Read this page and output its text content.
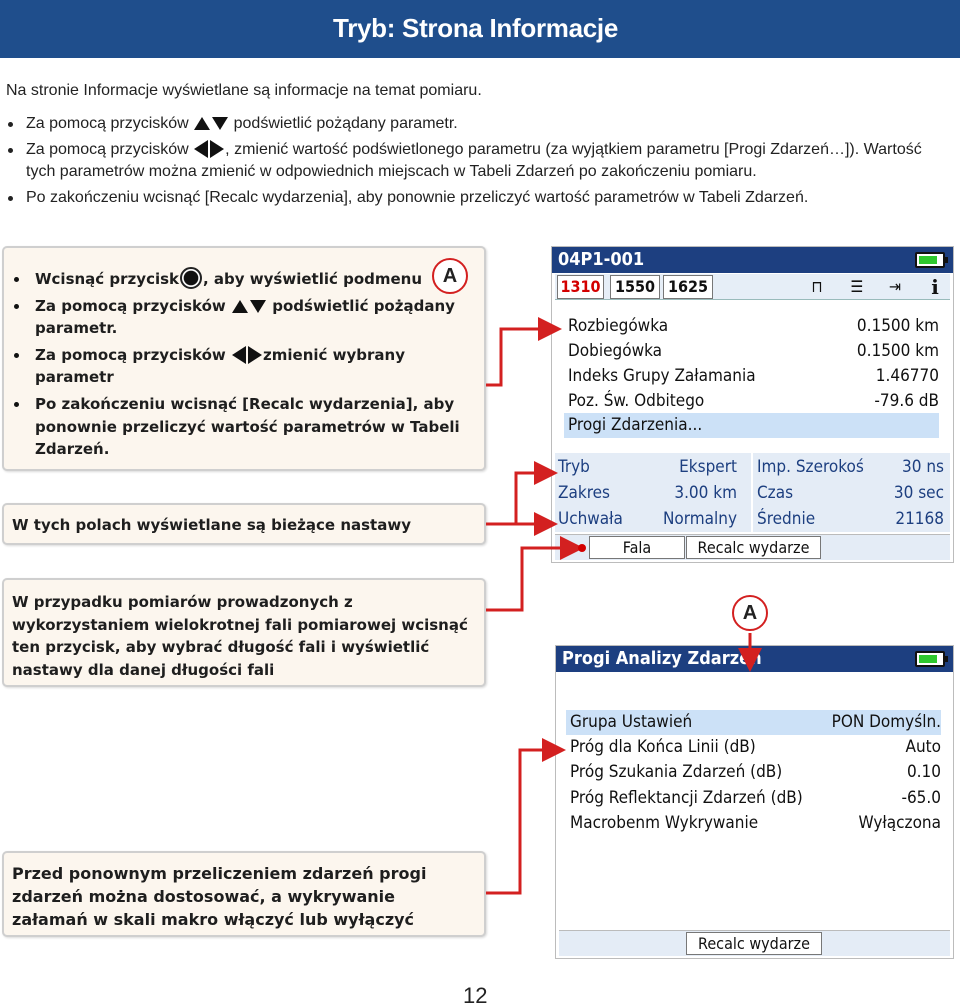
Tryb: Strona Informacje

Na stronie Informacje wyświetlane są informacje na temat pomiaru.

Za pomocą przycisków	podświetlić pożądany parametr.
Za pomocą przycisków , zmienić wartość podświetlonego parametru (za wyjątkiem parametru [Progi Zdarzeń…]). Wartość tych parametrów można zmienić w odpowiednich miejscach w Tabeli Zdarzeń po zakończeniu pomiaru.
Po zakończeniu wcisnąć [Recalc wydarzenia], aby ponownie przeliczyć wartość parametrów w Tabeli Zdarzeń.
Wcisnąć przycisk , aby wyświetlić podmenu
Za pomocą przycisków	podświetlić pożądany parametr.
Za pomocą przycisków zmienić wybrany parametr
Po zakończeniu wcisnąć [Recalc wydarzenia], aby ponownie przeliczyć wartość parametrów w Tabeli Zdarzeń.
A
W tych polach wyświetlane są bieżące nastawy
W przypadku pomiarów prowadzonych z wykorzystaniem wielokrotnej fali pomiarowej wcisnąć ten przycisk, aby wybrać długość fali i wyświetlić nastawy dla danej długości fali
Przed ponownym przeliczeniem zdarzeń progi zdarzeń można dostosować, a wykrywanie załamań w skali makro włączyć lub wyłączyć
04P1-001
1310 1550 1625	⊓	☰	⇥	i
Rozbiegówka	0.1500 km
Dobiegówka	0.1500 km
Indeks Grupy Załamania	1.46770
Poz. Św. Odbitego	-79.6 dB
Progi Zdarzenia...
Tryb	Ekspert
Zakres	3.00 km
Uchwała Normalny
Imp. Szerokoś 30 ns
Czas	30 sec
Średnie	21168
Fala	Recalc wydarze
A
Progi Analizy Zdarzeń
Grupa Ustawień	PON Domyśln.
Próg dla Końca Linii (dB)	Auto
Próg Szukania Zdarzeń (dB)	0.10
Próg Reflektancji Zdarzeń (dB)	-65.0
Macrobenm Wykrywanie	Wyłączona
Recalc wydarze
12
